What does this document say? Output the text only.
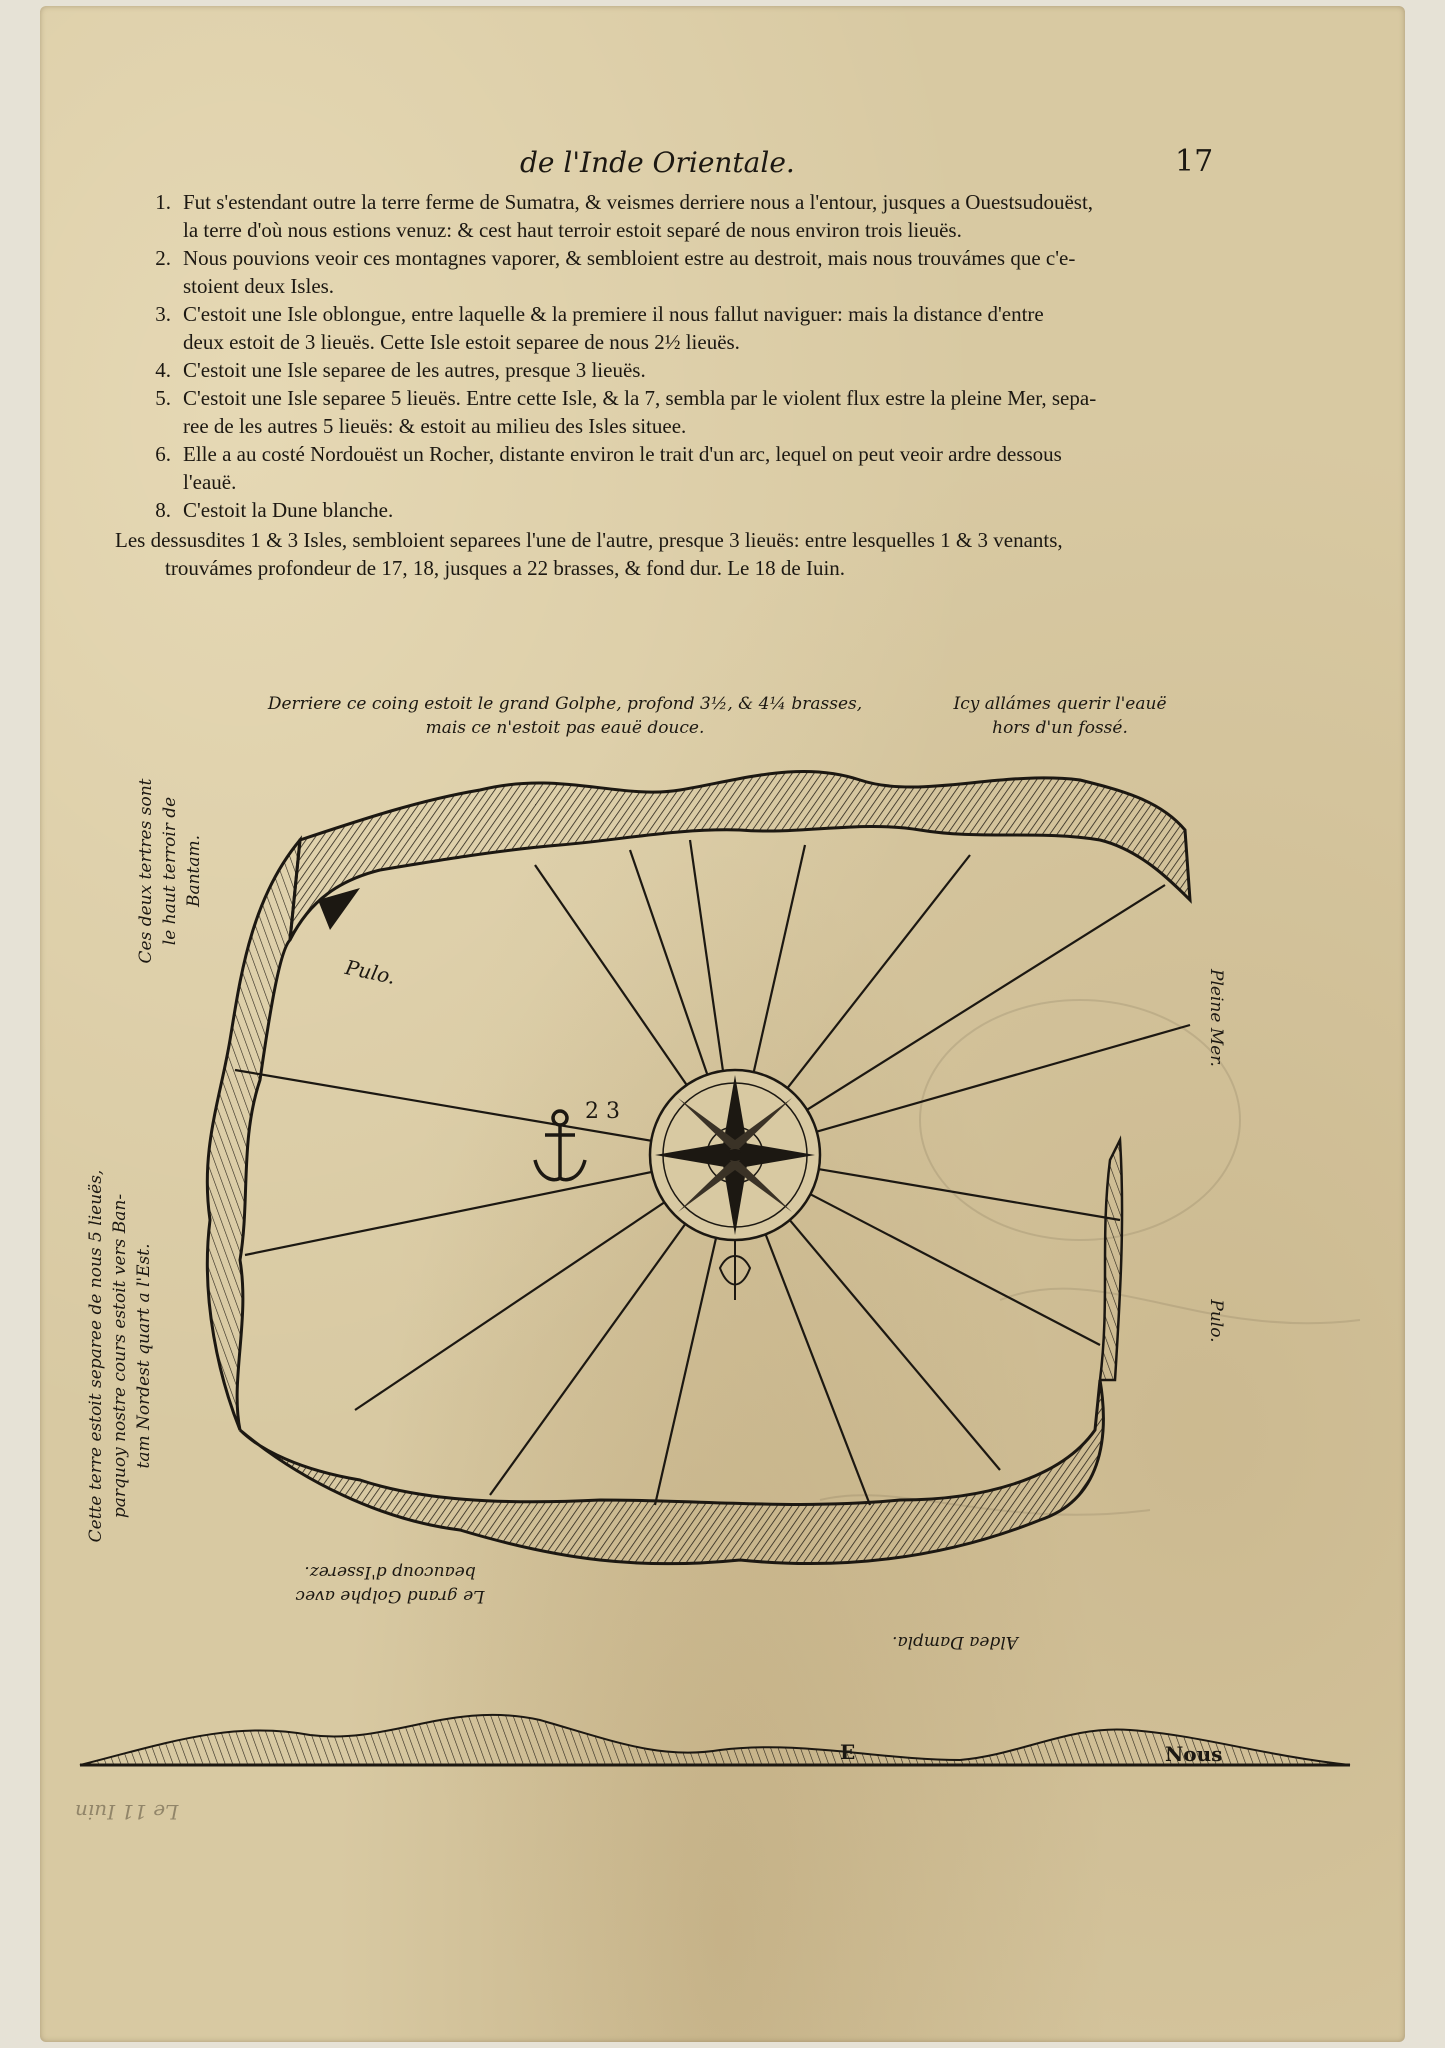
de l'Inde Orientale.	17
1. Fut s'estendant outre la terre ferme de Sumatra, & veismes derriere nous a l'entour, jusques a Ouestsudouëst,
la terre d'où nous estions venuz: & cest haut terroir estoit separé de nous environ trois lieuës.
2. Nous pouvions veoir ces montagnes vaporer, & sembloient estre au destroit, mais nous trouvámes que c'e-
stoient deux Isles.
3. C'estoit une Isle oblongue, entre laquelle & la premiere il nous fallut naviguer: mais la distance d'entre
deux estoit de 3 lieuës. Cette Isle estoit separee de nous 2½ lieuës.
4. C'estoit une Isle separee de les autres, presque 3 lieuës.
5. C'estoit une Isle separee 5 lieuës. Entre cette Isle, & la 7, sembla par le violent flux estre la pleine Mer, sepa-
ree de les autres 5 lieuës: & estoit au milieu des Isles situee.
6. Elle a au costé Nordouëst un Rocher, distante environ le trait d'un arc, lequel on peut veoir ardre dessous
l'eauë.
8. C'estoit la Dune blanche.
Les dessusdites 1 & 3 Isles, sembloient separees l'une de l'autre, presque 3 lieuës: entre lesquelles 1 & 3 venants,
trouvámes profondeur de 17, 18, jusques a 22 brasses, & fond dur. Le 18 de Iuin.
Derriere ce coing estoit le grand Golphe, profond 3½, & 4¼ brasses,
mais ce n'estoit pas eauë douce.
Icy allámes querir l'eauë
hors d'un fossé.
Ces deux tertres sont le haut terroir de Bantam.
Cette terre estoit separee de nous 5 lieuës, parquoy nostre cours estoit vers Ban- tam Nordest quart a l'Est.
Pleine Mer.
Pulo.
Pulo.
2 3
Le grand Golphe avec
beaucoup d'Isserez.
Aldea Dampla.
E	Nous
Le 11 Iuin
